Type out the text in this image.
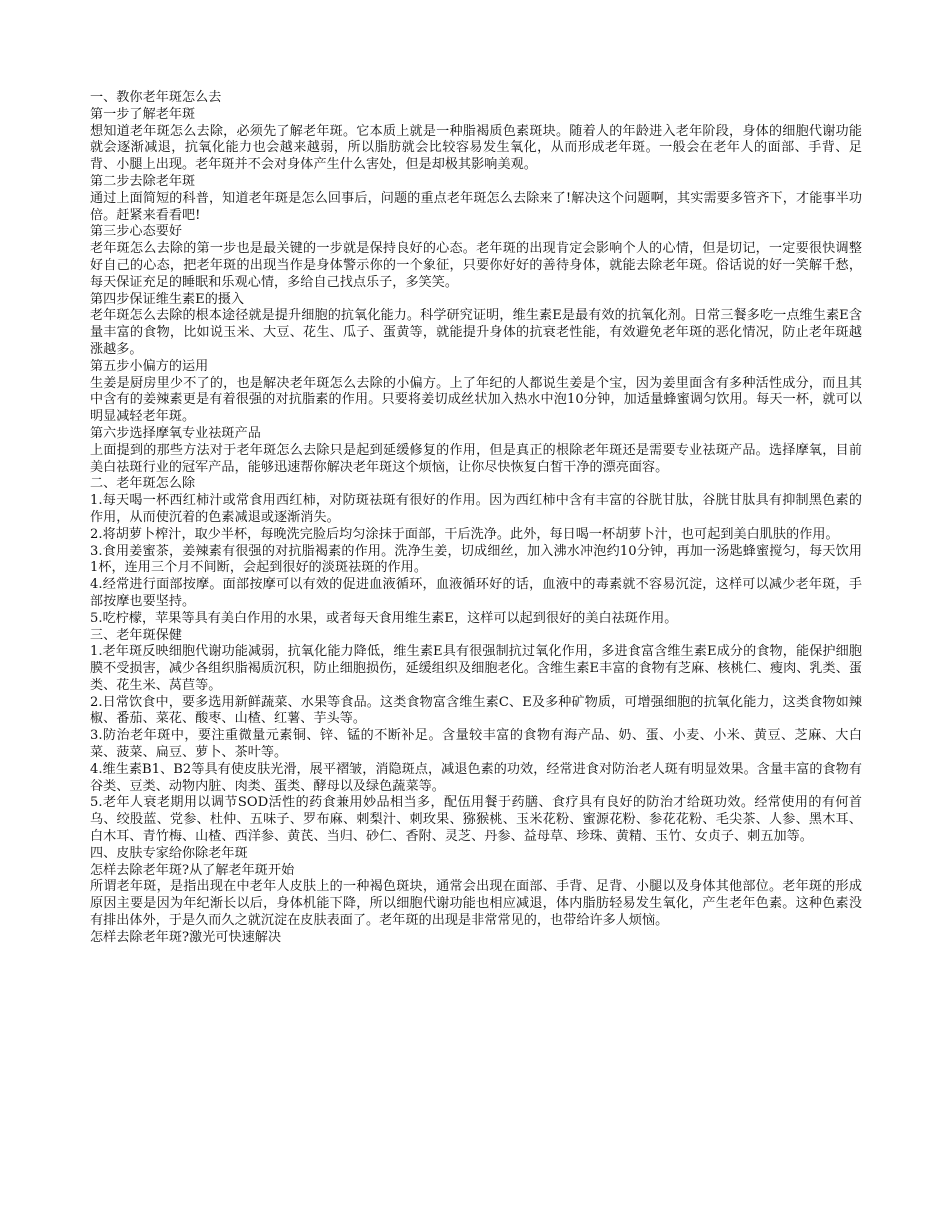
一、教你老年斑怎么去

第一步了解老年斑

想知道老年斑怎么去除，必须先了解老年斑。它本质上就是一种脂褐质色素斑块。随着人的年龄进入老年阶段，身体的细胞代谢功能就会逐渐减退，抗氧化能力也会越来越弱，所以脂肪就会比较容易发生氧化，从而形成老年斑。一般会在老年人的面部、手背、足背、小腿上出现。老年斑并不会对身体产生什么害处，但是却极其影响美观。

第二步去除老年斑

通过上面简短的科普，知道老年斑是怎么回事后，问题的重点老年斑怎么去除来了!解决这个问题啊，其实需要多管齐下，才能事半功倍。赶紧来看看吧!

第三步心态要好

老年斑怎么去除的第一步也是最关键的一步就是保持良好的心态。老年斑的出现肯定会影响个人的心情，但是切记，一定要很快调整好自己的心态，把老年斑的出现当作是身体警示你的一个象征，只要你好好的善待身体，就能去除老年斑。俗话说的好一笑解千愁，每天保证充足的睡眠和乐观心情，多给自己找点乐子，多笑笑。

第四步保证维生素E的摄入

老年斑怎么去除的根本途径就是提升细胞的抗氧化能力。科学研究证明，维生素E是最有效的抗氧化剂。日常三餐多吃一点维生素E含量丰富的食物，比如说玉米、大豆、花生、瓜子、蛋黄等，就能提升身体的抗衰老性能，有效避免老年斑的恶化情况，防止老年斑越涨越多。

第五步小偏方的运用

生姜是厨房里少不了的，也是解决老年斑怎么去除的小偏方。上了年纪的人都说生姜是个宝，因为姜里面含有多种活性成分，而且其中含有的姜辣素更是有着很强的对抗脂素的作用。只要将姜切成丝状加入热水中泡10分钟，加适量蜂蜜调匀饮用。每天一杯，就可以明显减轻老年斑。

第六步选择摩氧专业祛斑产品

上面提到的那些方法对于老年斑怎么去除只是起到延缓修复的作用，但是真正的根除老年斑还是需要专业祛斑产品。选择摩氧，目前美白祛斑行业的冠军产品，能够迅速帮你解决老年斑这个烦恼，让你尽快恢复白皙干净的漂亮面容。

二、老年斑怎么除

1.每天喝一杯西红柿汁或常食用西红柿，对防斑祛斑有很好的作用。因为西红柿中含有丰富的谷胱甘肽，谷胱甘肽具有抑制黑色素的作用，从而使沉着的色素减退或逐渐消失。

2.将胡萝卜榨汁，取少半杯，每晚洗完脸后均匀涂抹于面部，干后洗净。此外，每日喝一杯胡萝卜汁，也可起到美白肌肤的作用。

3.食用姜蜜茶，姜辣素有很强的对抗脂褐素的作用。洗净生姜，切成细丝，加入沸水冲泡约10分钟，再加一汤匙蜂蜜搅匀，每天饮用1杯，连用三个月不间断，会起到很好的淡斑祛斑的作用。

4.经常进行面部按摩。面部按摩可以有效的促进血液循环，血液循环好的话，血液中的毒素就不容易沉淀，这样可以减少老年斑，手部按摩也要坚持。

5.吃柠檬，苹果等具有美白作用的水果，或者每天食用维生素E，这样可以起到很好的美白祛斑作用。

三、老年斑保健

1.老年斑反映细胞代谢功能减弱，抗氧化能力降低，维生素E具有很强制抗过氧化作用，多进食富含维生素E成分的食物，能保护细胞膜不受损害，减少各组织脂褐质沉积，防止细胞损伤，延缓组织及细胞老化。含维生素E丰富的食物有芝麻、核桃仁、瘦肉、乳类、蛋类、花生米、莴苣等。

2.日常饮食中，要多选用新鲜蔬菜、水果等食品。这类食物富含维生素C、E及多种矿物质，可增强细胞的抗氧化能力，这类食物如辣椒、番茄、菜花、酸枣、山楂、红薯、芋头等。

3.防治老年斑中，要注重微量元素铜、锌、锰的不断补足。含量较丰富的食物有海产品、奶、蛋、小麦、小米、黄豆、芝麻、大白菜、菠菜、扁豆、萝卜、茶叶等。

4.维生素B1、B2等具有使皮肤光滑，展平褶皱，消隐斑点，减退色素的功效，经常进食对防治老人斑有明显效果。含量丰富的食物有谷类、豆类、动物内脏、肉类、蛋类、酵母以及绿色蔬菜等。

5.老年人衰老期用以调节SOD活性的药食兼用妙品相当多，配伍用餐于药膳、食疗具有良好的防治才给斑功效。经常使用的有何首乌、绞股蓝、党参、杜仲、五味子、罗布麻、刺梨汁、刺玫果、猕猴桃、玉米花粉、蜜源花粉、参花花粉、毛尖茶、人参、黑木耳、白木耳、青竹梅、山楂、西洋参、黄芪、当归、砂仁、香附、灵芝、丹参、益母草、珍珠、黄精、玉竹、女贞子、刺五加等。

四、皮肤专家给你除老年斑

怎样去除老年斑?从了解老年斑开始

所谓老年斑，是指出现在中老年人皮肤上的一种褐色斑块，通常会出现在面部、手背、足背、小腿以及身体其他部位。老年斑的形成原因主要是因为年纪渐长以后，身体机能下降，所以细胞代谢功能也相应减退，体内脂肪轻易发生氧化，产生老年色素。这种色素没有排出体外，于是久而久之就沉淀在皮肤表面了。老年斑的出现是非常常见的，也带给许多人烦恼。

怎样去除老年斑?激光可快速解决
